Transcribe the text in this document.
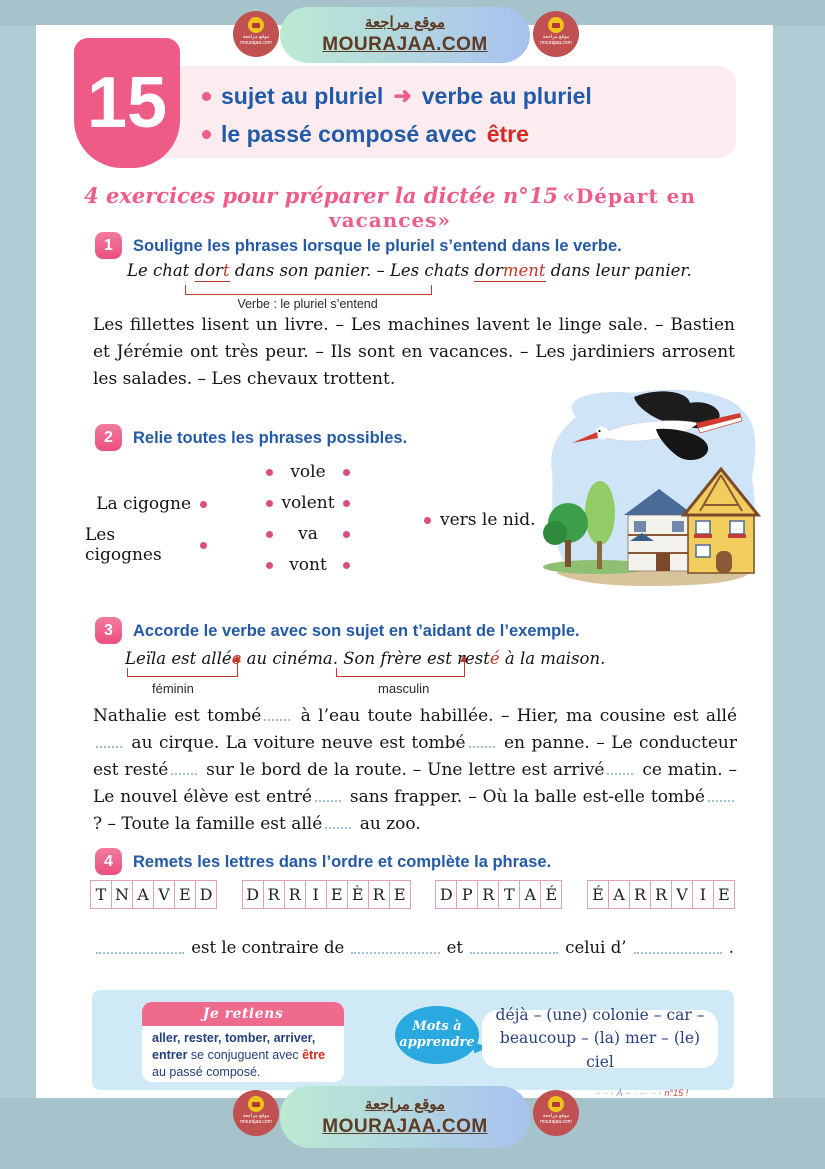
15 sujet au pluriel ➜ verbe au pluriel
le passé composé avec être
موقع مراجعة
MOURAJAA.COM
موقع مراجعة
mourajaa.com
موقع مراجعة
mourajaa.com
4 exercices pour préparer la dictée n°15 «Départ en vacances»
1	Souligne les phrases lorsque le pluriel s’entend dans le verbe.
Le chat dort dans son panier. – Les chats dorment dans leur panier.
Verbe : le pluriel s’entend
Les fillettes lisent un livre. – Les machines lavent le linge sale. – Bastien et Jérémie ont très peur. – Ils sont en vacances. – Les jardiniers arrosent les salades. – Les chevaux trottent.
2	Relie toutes les phrases possibles.
vole
volent
va
vont
La cigogne
Les cigognes
vers le nid.
3	Accorde le verbe avec son sujet en t’aidant de l’exemple.
Leïla est allée au cinéma. Son frère est resté à la maison.
féminin	masculin
Nathalie est tombé à l’eau toute habillée. – Hier, ma cousine est allé au cirque. La voiture neuve est tombé en panne. – Le conducteur est resté sur le bord de la route. – Une lettre est arrivé ce matin. – Le nouvel élève est entré sans frapper. – Où la balle est-elle tombé ? – Toute la famille est allé au zoo.
4	Remets les lettres dans l’ordre et complète la phrase.
T N A V E D D R R I E È R E	D P R T A É	É A R R V I E
est le contraire de	et	celui d’	.
Je retiens
aller, rester, tomber, arriver, entrer se conjuguent avec être au passé composé.
Mots à
apprendre
déjà – (une) colonie – car – beaucoup – (la) mer – (le) ciel
· ·· · À ·· · ··· ·· · n°15 !
موقع مراجعة
MOURAJAA.COM
موقع مراجعة
mourajaa.com
موقع مراجعة
mourajaa.com
